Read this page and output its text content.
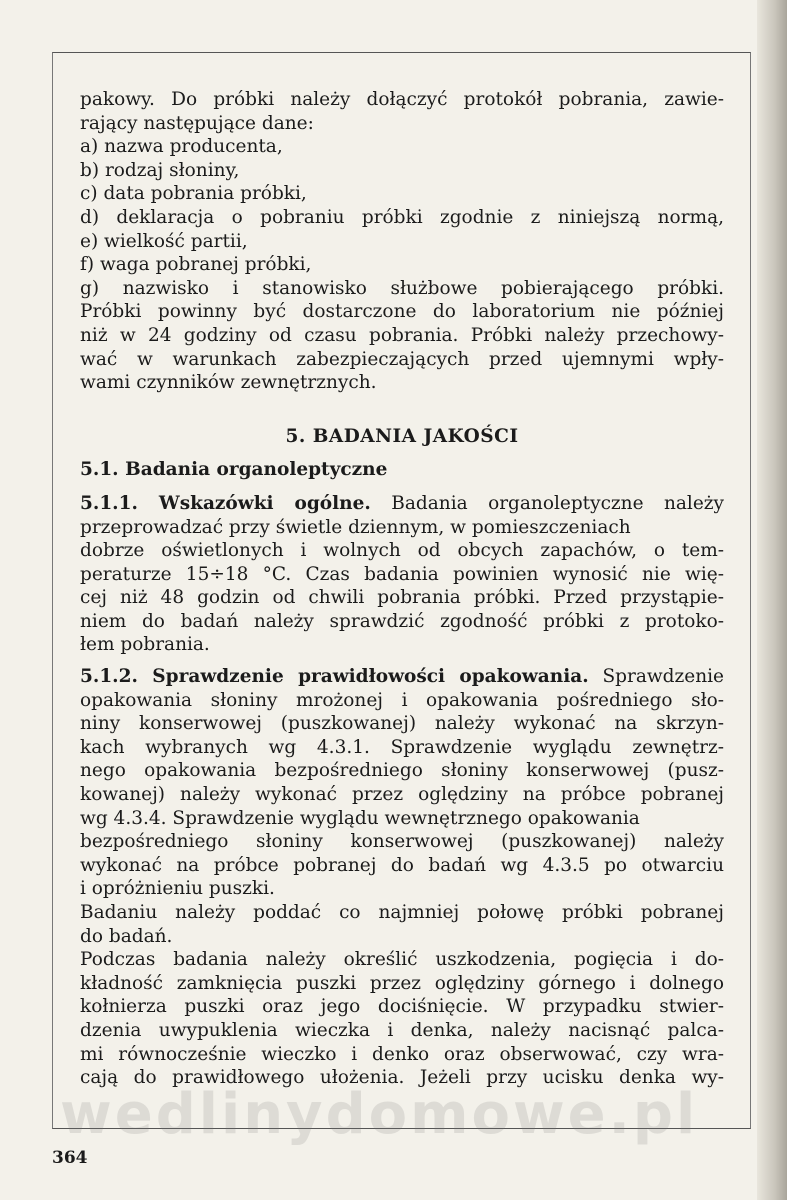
wedlinydomowe.pl
pakowy. Do próbki należy dołączyć protokół pobrania, zawie-
rający następujące dane:
a) nazwa producenta,
b) rodzaj słoniny,
c) data pobrania próbki,
d) deklaracja o pobraniu próbki zgodnie z niniejszą normą,
e) wielkość partii,
f) waga pobranej próbki,
g) nazwisko i stanowisko służbowe pobierającego próbki.
Próbki powinny być dostarczone do laboratorium nie później
niż w 24 godziny od czasu pobrania. Próbki należy przechowy-
wać w warunkach zabezpieczających przed ujemnymi wpły-
wami czynników zewnętrznych.
5. BADANIA JAKOŚCI
5.1. Badania organoleptyczne
5.1.1. Wskazówki ogólne. Badania organoleptyczne należy
przeprowadzać przy świetle dziennym, w pomieszczeniach
dobrze oświetlonych i wolnych od obcych zapachów, o tem-
peraturze 15÷18 °C. Czas badania powinien wynosić nie wię-
cej niż 48 godzin od chwili pobrania próbki. Przed przystąpie-
niem do badań należy sprawdzić zgodność próbki z protoko-
łem pobrania.
5.1.2. Sprawdzenie prawidłowości opakowania. Sprawdzenie
opakowania słoniny mrożonej i opakowania pośredniego sło-
niny konserwowej (puszkowanej) należy wykonać na skrzyn-
kach wybranych wg 4.3.1. Sprawdzenie wyglądu zewnętrz-
nego opakowania bezpośredniego słoniny konserwowej (pusz-
kowanej) należy wykonać przez oględziny na próbce pobranej
wg 4.3.4. Sprawdzenie wyglądu wewnętrznego opakowania
bezpośredniego słoniny konserwowej (puszkowanej) należy
wykonać na próbce pobranej do badań wg 4.3.5 po otwarciu
i opróżnieniu puszki.
Badaniu należy poddać co najmniej połowę próbki pobranej
do badań.
Podczas badania należy określić uszkodzenia, pogięcia i do-
kładność zamknięcia puszki przez oględziny górnego i dolnego
kołnierza puszki oraz jego dociśnięcie. W przypadku stwier-
dzenia uwypuklenia wieczka i denka, należy nacisnąć palca-
mi równocześnie wieczko i denko oraz obserwować, czy wra-
cają do prawidłowego ułożenia. Jeżeli przy ucisku denka wy-
364
